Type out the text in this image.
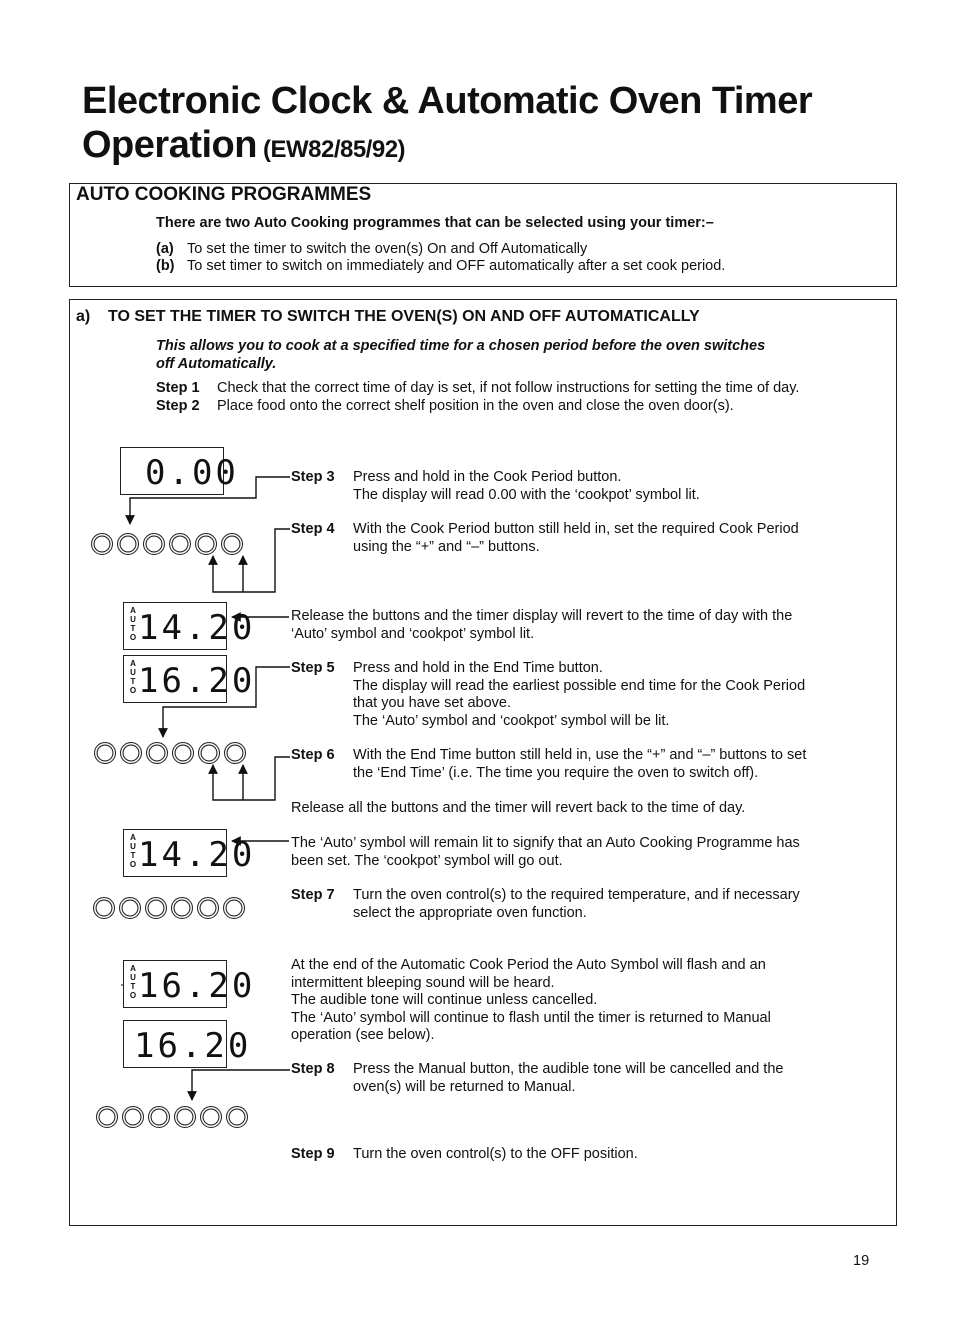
Electronic Clock & Automatic Oven Timer
Operation (EW82/85/92)
AUTO COOKING PROGRAMMES
There are two Auto Cooking programmes that can be selected using your timer:–
(a) To set the timer to switch the oven(s) On and Off Automatically
(b) To set timer to switch on immediately and OFF automatically after a set cook period.
a)    TO SET THE TIMER TO SWITCH THE OVEN(S) ON AND OFF AUTOMATICALLY
This allows you to cook at a specified time for a chosen period before the oven switches
off Automatically.
Step 1 Check that the correct time of day is set, if not follow instructions for setting the time of day.
Step 2 Place food onto the correct shelf position in the oven and close the oven door(s).
0.00
A
U
T
O 14.20
A
U
T
O 16.20
A
U
T
O 14.20
A
U
T
O 16.20
16.20
Step 3	Press and hold in the Cook Period button.
The display will read 0.00 with the ‘cookpot’ symbol lit.
Step 4	With the Cook Period button still held in, set the required Cook Period
using the “+” and “–” buttons.
Release the buttons and the timer display will revert to the time of day with the
‘Auto’ symbol and ‘cookpot’ symbol lit.
Step 5	Press and hold in the End Time button.
The display will read the earliest possible end time for the Cook Period
that you have set above.
The ‘Auto’ symbol and ‘cookpot’ symbol will be lit.
Step 6	With the End Time button still held in, use the “+” and “–” buttons to set
the ‘End Time’ (i.e. The time you require the oven to switch off).
Release all the buttons and the timer will revert back to the time of day.
The ‘Auto’ symbol will remain lit to signify that an Auto Cooking Programme has
been set. The ‘cookpot’ symbol will go out.
Step 7	Turn the oven control(s) to the required temperature, and if necessary
select the appropriate oven function.
At the end of the Automatic Cook Period the Auto Symbol will flash and an
intermittent bleeping sound will be heard.
The audible tone will continue unless cancelled.
The ‘Auto’ symbol will continue to flash until the timer is returned to Manual
operation (see below).
Step 8	Press the Manual button, the audible tone will be cancelled and the
oven(s) will be returned to Manual.
Step 9	Turn the oven control(s) to the OFF position.
19
